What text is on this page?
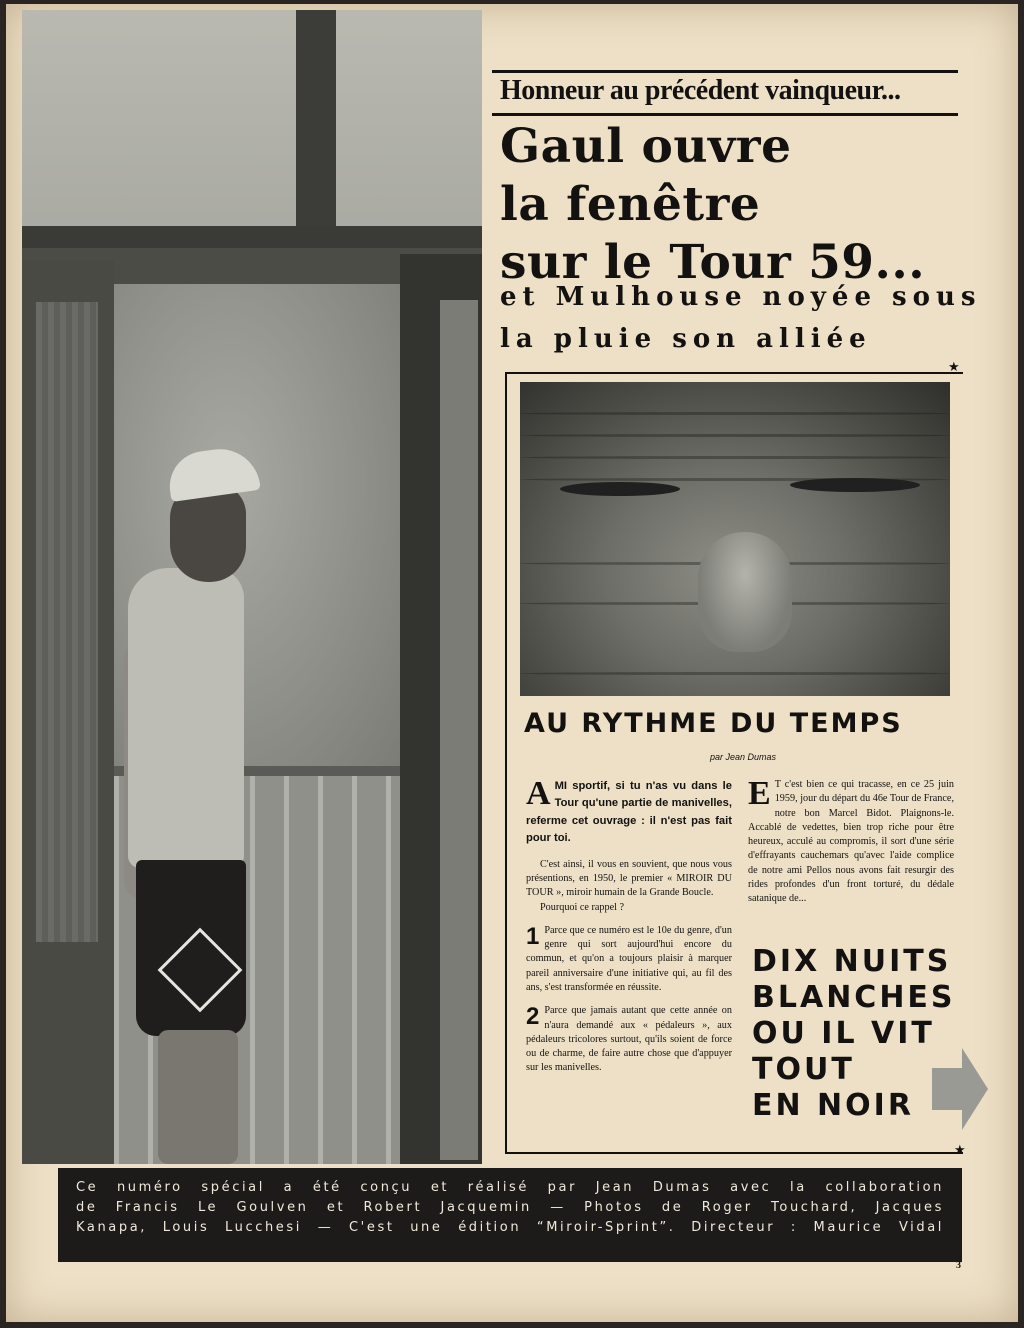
Honneur au précédent vainqueur...
Gaul ouvre
la fenêtre
sur le Tour 59...
et Mulhouse noyée sous
la pluie son alliée
★
★
AU RYTHME DU TEMPS
par Jean Dumas

A MI sportif, si tu n'as vu dans le Tour qu'une partie de manivelles, referme cet ouvrage : il n'est pas fait pour toi.

C'est ainsi, il vous en souvient, que nous vous présentions, en 1950, le premier « MIROIR DU TOUR », miroir humain de la Grande Boucle.

Pourquoi ce rappel ?

1 Parce que ce numéro est le 10e du genre, d'un genre qui sort aujourd'hui encore du commun, et qu'on a toujours plaisir à marquer pareil anniversaire d'une initiative qui, au fil des ans, s'est transformée en réussite.

2 Parce que jamais autant que cette année on n'aura demandé aux « pédaleurs », aux pédaleurs tricolores surtout, qu'ils soient de force ou de charme, de faire autre chose que d'appuyer sur les manivelles.

E T c'est bien ce qui tracasse, en ce 25 juin 1959, jour du départ du 46e Tour de France, notre bon Marcel Bidot. Plaignons-le. Accablé de vedettes, bien trop riche pour être heureux, acculé au compromis, il sort d'une série d'effrayants cauchemars qu'avec l'aide complice de notre ami Pellos nous avons fait resurgir des rides profondes d'un front torturé, du dédale satanique de...

DIX NUITS
BLANCHES
OU IL VIT
TOUT
EN NOIR
Ce numéro spécial a été conçu et réalisé par Jean Dumas avec la collaboration
de Francis Le Goulven et Robert Jacquemin — Photos de Roger Touchard, Jacques
Kanapa, Louis Lucchesi — C'est une édition “Miroir-Sprint”. Directeur : Maurice Vidal
3
